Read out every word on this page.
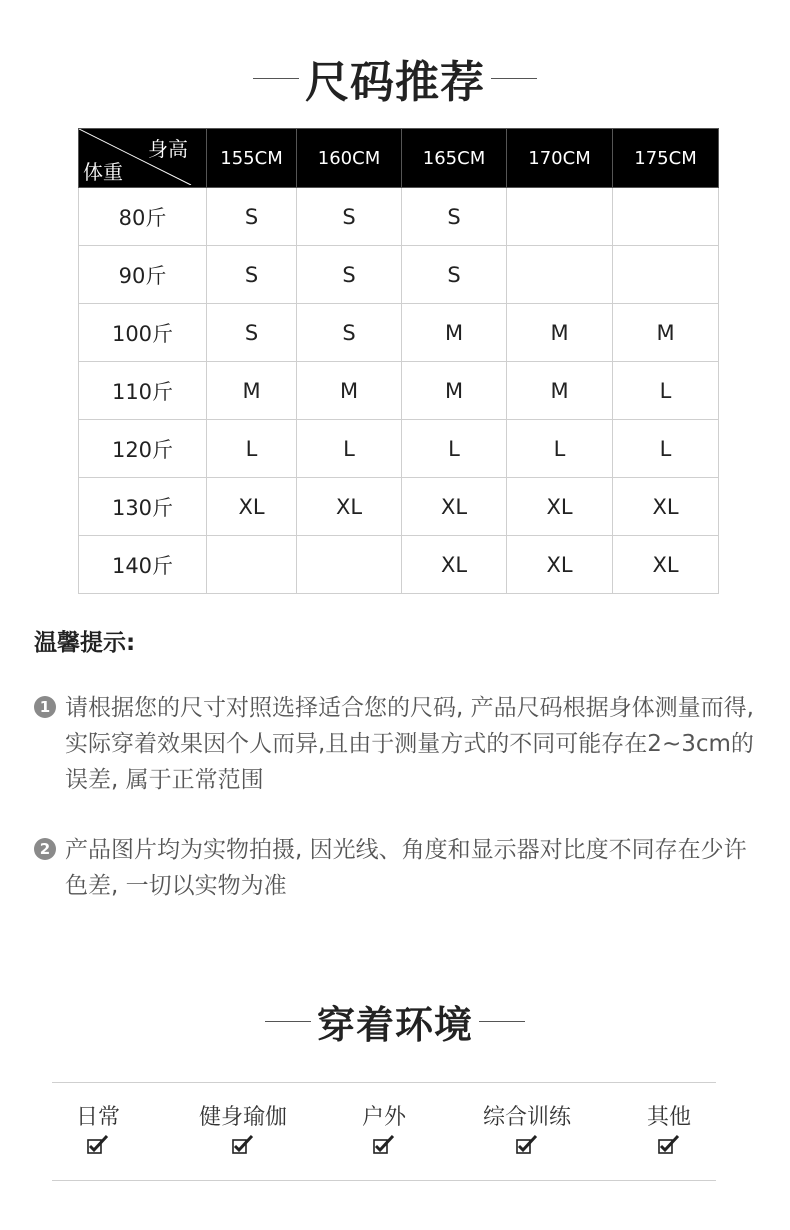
尺码推荐
身高
体重	155CM	160CM	165CM	170CM	175CM
80斤	S	S	S		
90斤	S	S	S		
100斤	S	S	M	M	M
110斤	M	M	M	M	L
120斤	L	L	L	L	L
130斤	XL	XL	XL	XL	XL
140斤			XL	XL	XL
温馨提示:
1 请根据您的尺寸对照选择适合您的尺码, 产品尺码根据身体测量而得, 实际穿着效果因个人而异,且由于测量方式的不同可能存在2~3cm的误差, 属于正常范围
2 产品图片均为实物拍摄, 因光线、角度和显示器对比度不同存在少许色差, 一切以实物为准
穿着环境
日常	健身瑜伽	户外	综合训练	其他
